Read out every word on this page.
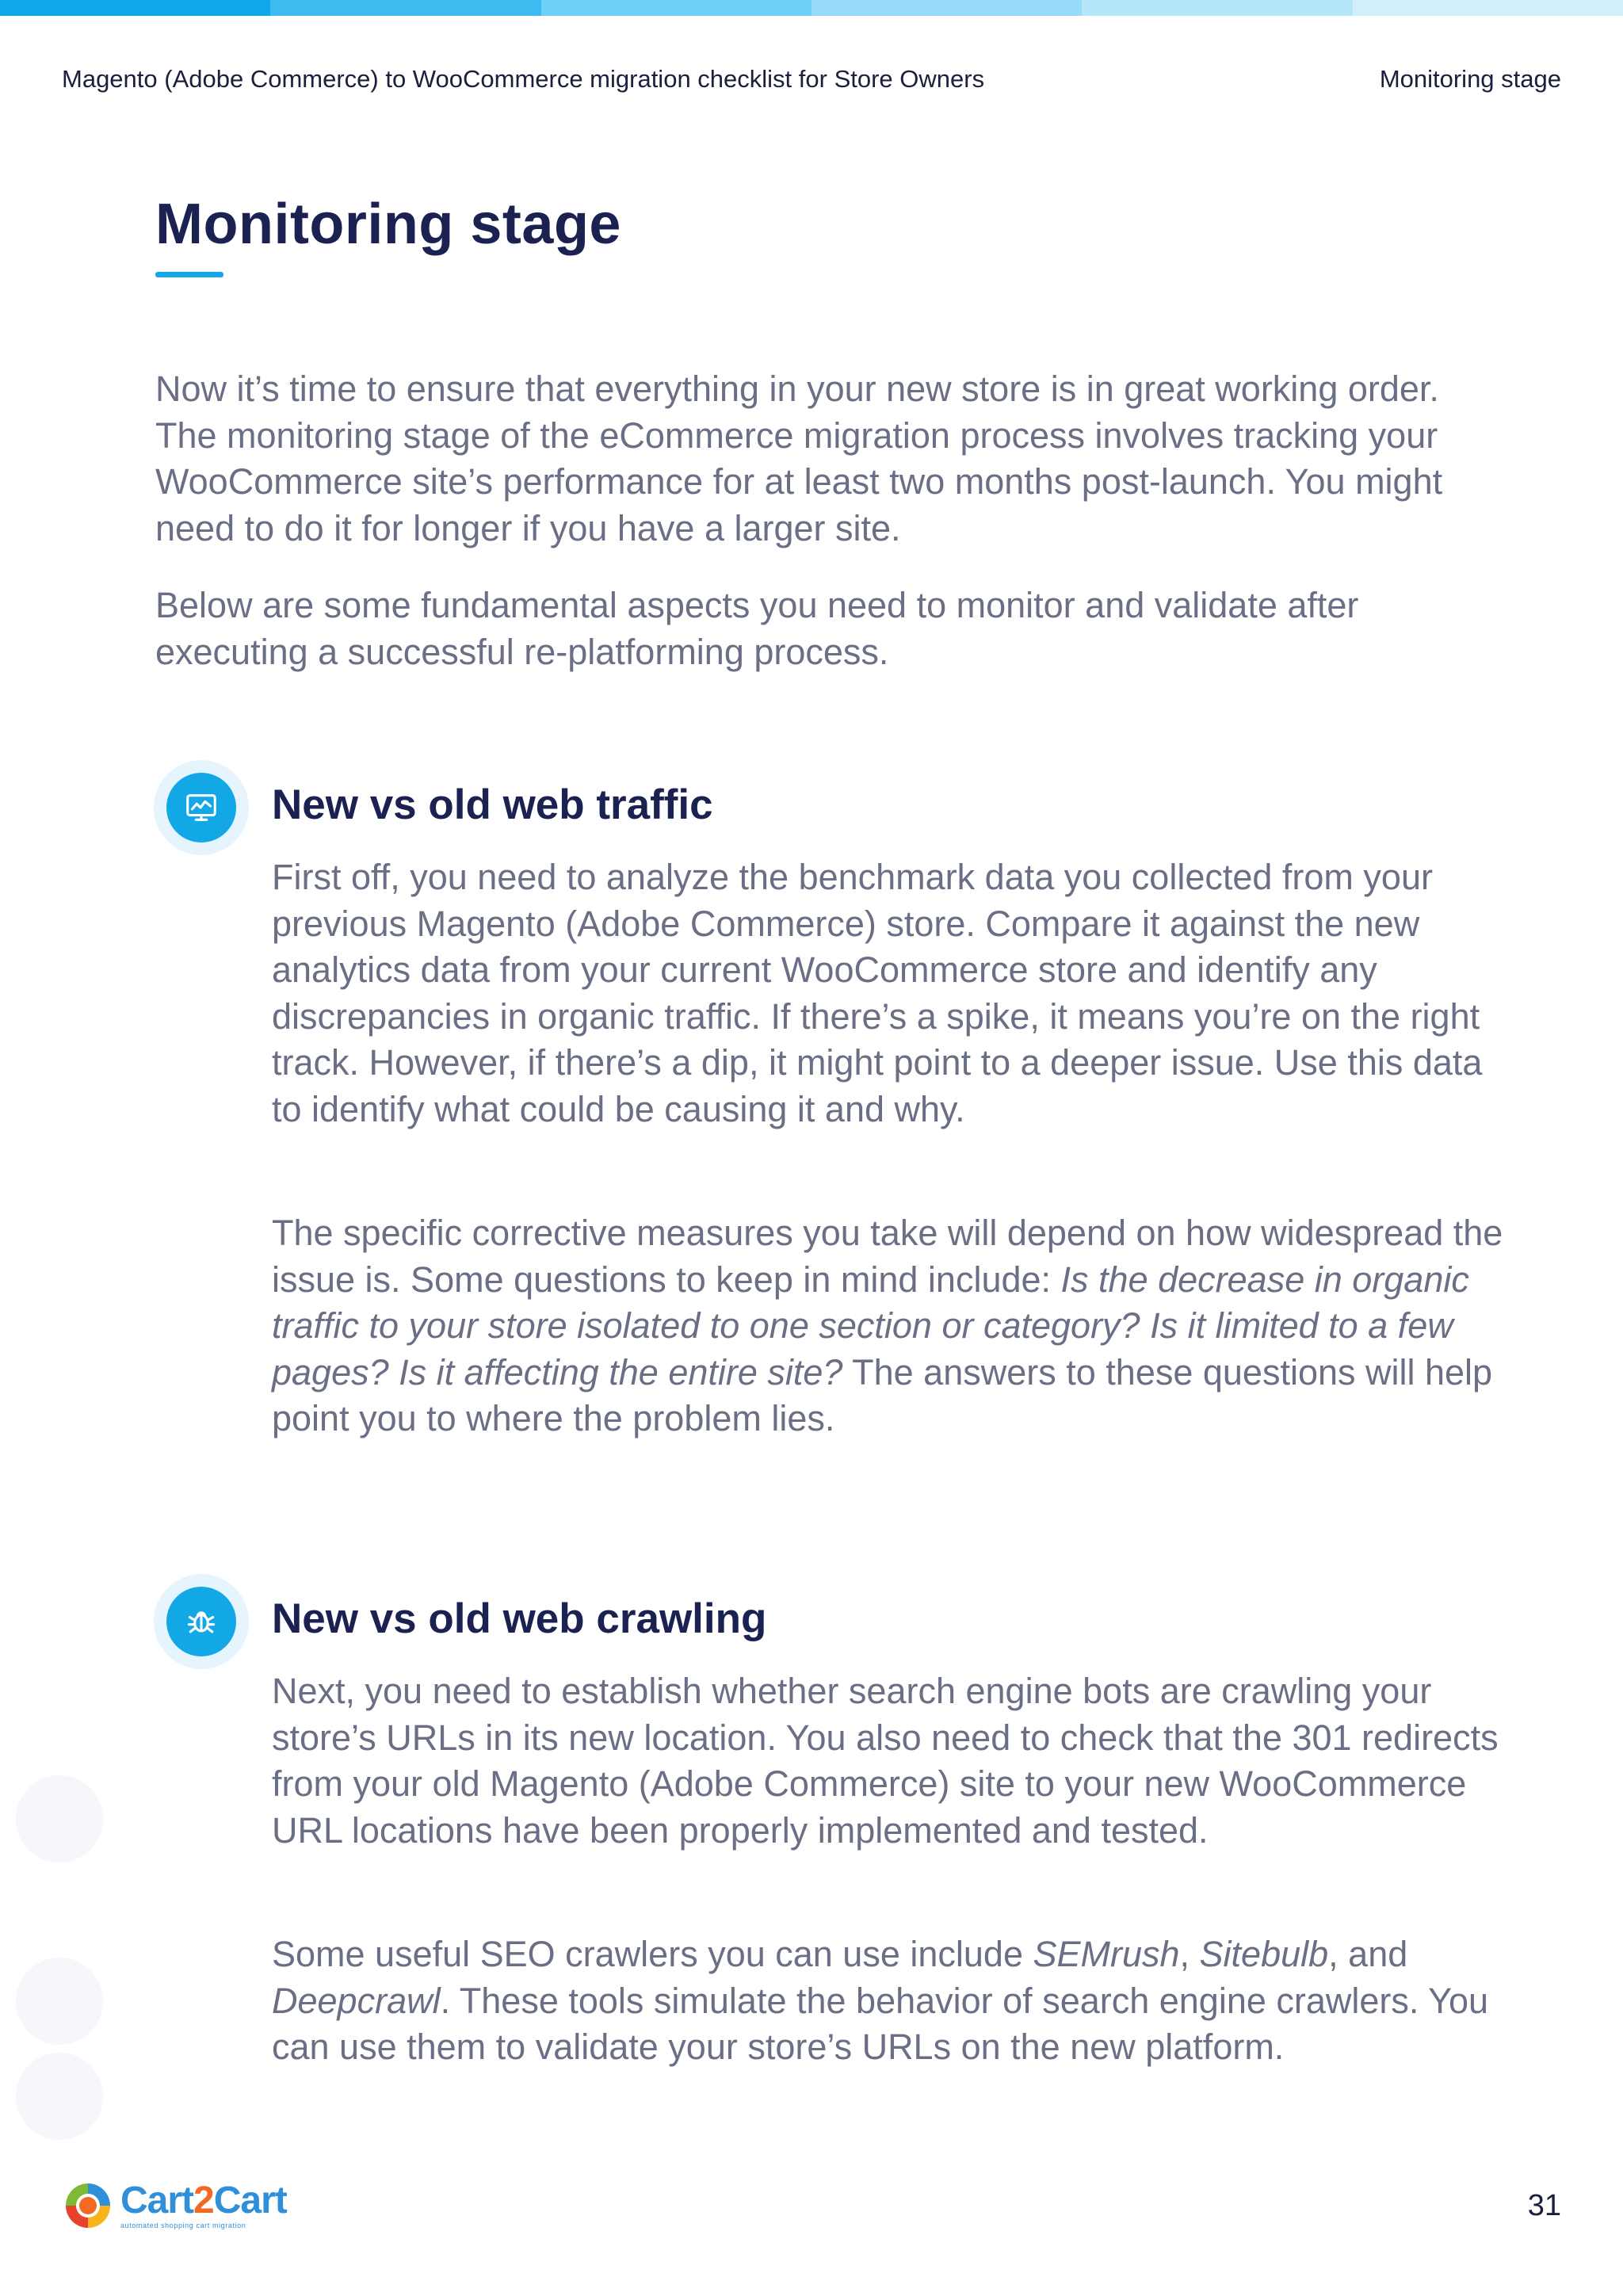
Magento (Adobe Commerce) to WooCommerce migration checklist for Store Owners	Monitoring stage
Monitoring stage

Now it’s time to ensure that everything in your new store is in great working order. The monitoring stage of the eCommerce migration process involves tracking your WooCommerce site’s performance for at least two months post-launch. You might need to do it for longer if you have a larger site.

Below are some fundamental aspects you need to monitor and validate after executing a successful re-platforming process.

New vs old web traffic

First off, you need to analyze the benchmark data you collected from your previous Magento (Adobe Commerce) store. Compare it against the new analytics data from your current WooCommerce store and identify any discrepancies in organic traffic. If there’s a spike, it means you’re on the right track. However, if there’s a dip, it might point to a deeper issue. Use this data to identify what could be causing it and why.

The specific corrective measures you take will depend on how widespread the issue is. Some questions to keep in mind include: Is the decrease in organic traffic to your store isolated to one section or category? Is it limited to a few pages? Is it affecting the entire site? The answers to these questions will help point you to where the problem lies.

New vs old web crawling

Next, you need to establish whether search engine bots are crawling your store’s URLs in its new location. You also need to check that the 301 redirects from your old Magento (Adobe Commerce) site to your new WooCommerce URL locations have been properly implemented and tested.

Some useful SEO crawlers you can use include SEMrush, Sitebulb, and Deepcrawl. These tools simulate the behavior of search engine crawlers. You can use them to validate your store’s URLs on the new platform.

Cart2Cart
automated shopping cart migration
31
